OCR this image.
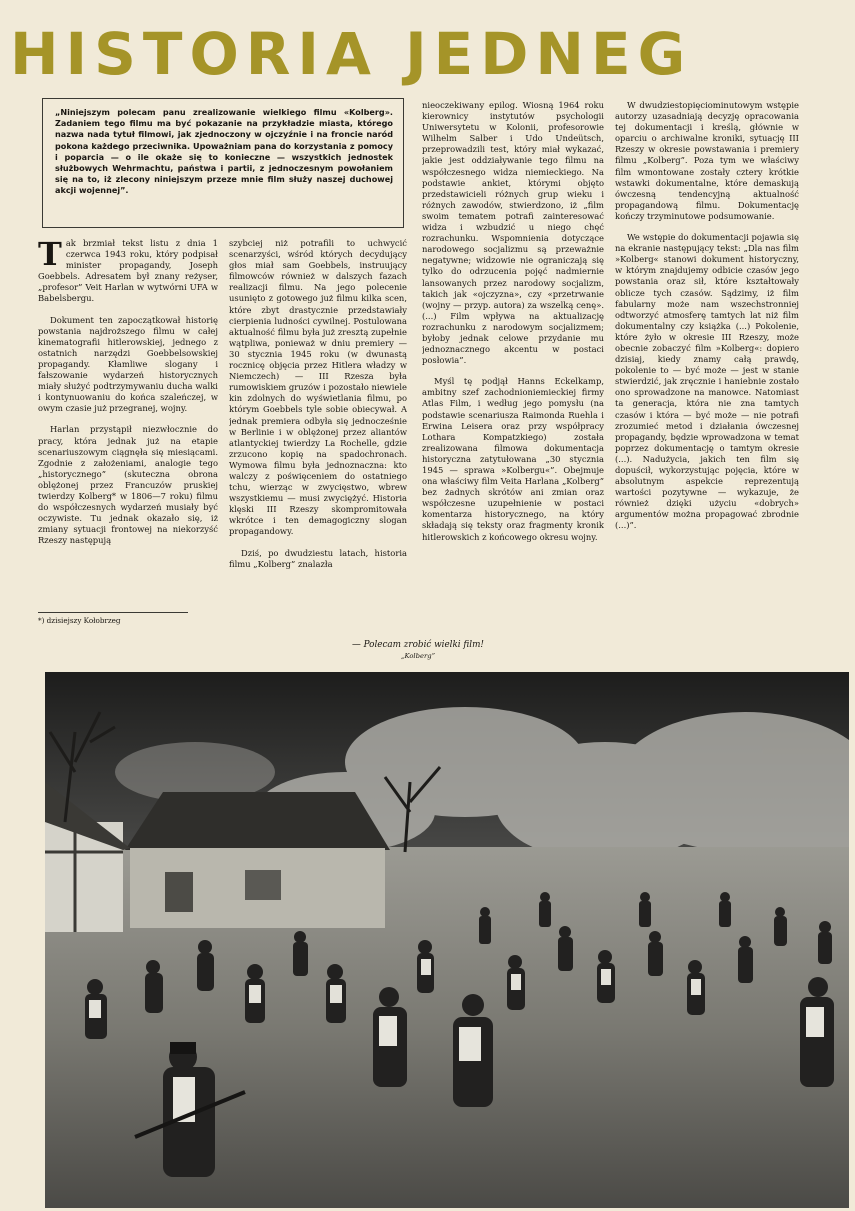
HISTORIA JEDNEG

„Niniejszym polecam panu zrealizowanie wielkiego filmu «Kolberg». Zadaniem tego filmu ma być pokazanie na przykładzie miasta, którego nazwa nada tytuł filmowi, jak zjednoczony w ojczyźnie i na froncie naród pokona każdego przeciwnika. Upoważniam pana do korzystania z pomocy i poparcia — o ile okaże się to konieczne — wszystkich jednostek służbowych Wehrmachtu, państwa i partii, z jednoczesnym powołaniem się na to, iż zlecony niniejszym przeze mnie film służy naszej duchowej akcji wojennej”.

Tak brzmiał tekst listu z dnia 1 czerwca 1943 roku, który podpisał minister propagandy, Joseph Goebbels. Adresatem był znany reżyser, „profesor” Veit Harlan w wytwórni UFA w Babelsbergu.

Dokument ten zapoczątkował historię powstania najdroższego filmu w całej kinematografii hitlerowskiej, jednego z ostatnich narzędzi Goebbelsowskiej propagandy. Kłamliwe slogany i fałszowanie wydarzeń historycznych miały służyć podtrzymywaniu ducha walki i kontynuowaniu do końca szaleńczej, w owym czasie już przegranej, wojny.

Harlan przystąpił niezwłocznie do pracy, która jednak już na etapie scenariuszowym ciągnęła się miesiącami. Zgodnie z założeniami, analogie tego „historycznego” (skuteczna obrona oblężonej przez Francuzów pruskiej twierdzy Kolberg* w 1806—7 roku) filmu do współczesnych wydarzeń musiały być oczywiste. Tu jednak okazało się, iż zmiany sytuacji frontowej na niekorzyść Rzeszy następują

*) dzisiejszy Kołobrzeg

szybciej niż potrafili to uchwycić scenarzyści, wśród których decydujący głos miał sam Goebbels, instruujący filmowców również w dalszych fazach realizacji filmu. Na jego polecenie usunięto z gotowego już filmu kilka scen, które zbyt drastycznie przedstawiały cierpienia ludności cywilnej. Postulowana aktualność filmu była już zresztą zupełnie wątpliwa, ponieważ w dniu premiery — 30 stycznia 1945 roku (w dwunastą rocznicę objęcia przez Hitlera władzy w Niemczech) — III Rzesza była rumowiskiem gruzów i pozostało niewiele kin zdolnych do wyświetlania filmu, po którym Goebbels tyle sobie obiecywał. A jednak premiera odbyła się jednocześnie w Berlinie i w oblężonej przez aliantów atlantyckiej twierdzy La Rochelle, gdzie zrzucono kopię na spadochronach. Wymowa filmu była jednoznaczna: kto walczy z poświęceniem do ostatniego tchu, wierząc w zwycięstwo, wbrew wszystkiemu — musi zwyciężyć. Historia klęski III Rzeszy skompromitowała wkrótce i ten demagogiczny slogan propagandowy.

Dziś, po dwudziestu latach, historia filmu „Kolberg” znalazła

nieoczekiwany epilog. Wiosną 1964 roku kierownicy instytutów psychologii Uniwersytetu w Kolonii, profesorowie Wilhelm Salber i Udo Undeütsch, przeprowadzili test, który miał wykazać, jakie jest oddziaływanie tego filmu na współczesnego widza niemieckiego. Na podstawie ankiet, którymi objęto przedstawicieli różnych grup wieku i różnych zawodów, stwierdzono, iż „film swoim tematem potrafi zainteresować widza i wzbudzić u niego chęć rozrachunku. Wspomnienia dotyczące narodowego socjalizmu są przeważnie negatywne; widzowie nie ograniczają się tylko do odrzucenia pojęć nadmiernie lansowanych przez narodowy socjalizm, takich jak «ojczyzna», czy «przetrwanie (wojny — przyp. autora) za wszelką cenę». (...) Film wpływa na aktualizację rozrachunku z narodowym socjalizmem; byłoby jednak celowe przydanie mu jednoznacznego akcentu w postaci posłowia”.

Myśl tę podjął Hanns Eckelkamp, ambitny szef zachodnioniemieckiej firmy Atlas Film, i według jego pomysłu (na podstawie scenariusza Raimonda Ruehla i Erwina Leisera oraz przy współpracy Lothara Kompatzkiego) została zrealizowana filmowa dokumentacja historyczna zatytułowana „30 stycznia 1945 — sprawa »Kolbergu«”. Obejmuje ona właściwy film Veita Harlana „Kolberg” bez żadnych skrótów ani zmian oraz współczesne uzupełnienie w postaci komentarza historycznego, na który składają się teksty oraz fragmenty kronik hitlerowskich z końcowego okresu wojny.

W dwudziestopięciominutowym wstępie autorzy uzasadniają decyzję opracowania tej dokumentacji i kreślą, głównie w oparciu o archiwalne kroniki, sytuację III Rzeszy w okresie powstawania i premiery filmu „Kolberg”. Poza tym we właściwy film wmontowane zostały cztery krótkie wstawki dokumentalne, które demaskują ówczesną tendencyjną aktualność propagandową filmu. Dokumentację kończy trzyminutowe podsumowanie.

We wstępie do dokumentacji pojawia się na ekranie następujący tekst: „Dla nas film »Kolberg« stanowi dokument historyczny, w którym znajdujemy odbicie czasów jego powstania oraz sił, które kształtowały oblicze tych czasów. Sądzimy, iż film fabularny może nam wszechstronniej odtworzyć atmosferę tamtych lat niż film dokumentalny czy książka (...) Pokolenie, które żyło w okresie III Rzeszy, może obecnie zobaczyć film »Kolberg«: dopiero dzisiaj, kiedy znamy całą prawdę, pokolenie to — być może — jest w stanie stwierdzić, jak zręcznie i haniebnie zostało ono sprowadzone na manowce. Natomiast ta generacja, która nie zna tamtych czasów i która — być może — nie potrafi zrozumieć metod i działania ówczesnej propagandy, będzie wprowadzona w temat poprzez dokumentację o tamtym okresie (...). Nadużycia, jakich ten film się dopuścił, wykorzystując pojęcia, które w absolutnym aspekcie reprezentują wartości pozytywne — wykazuje, że również dzięki użyciu «dobrych» argumentów można propagować zbrodnie (...)”.

— Polecam zrobić wielki film!
„Kolberg”
